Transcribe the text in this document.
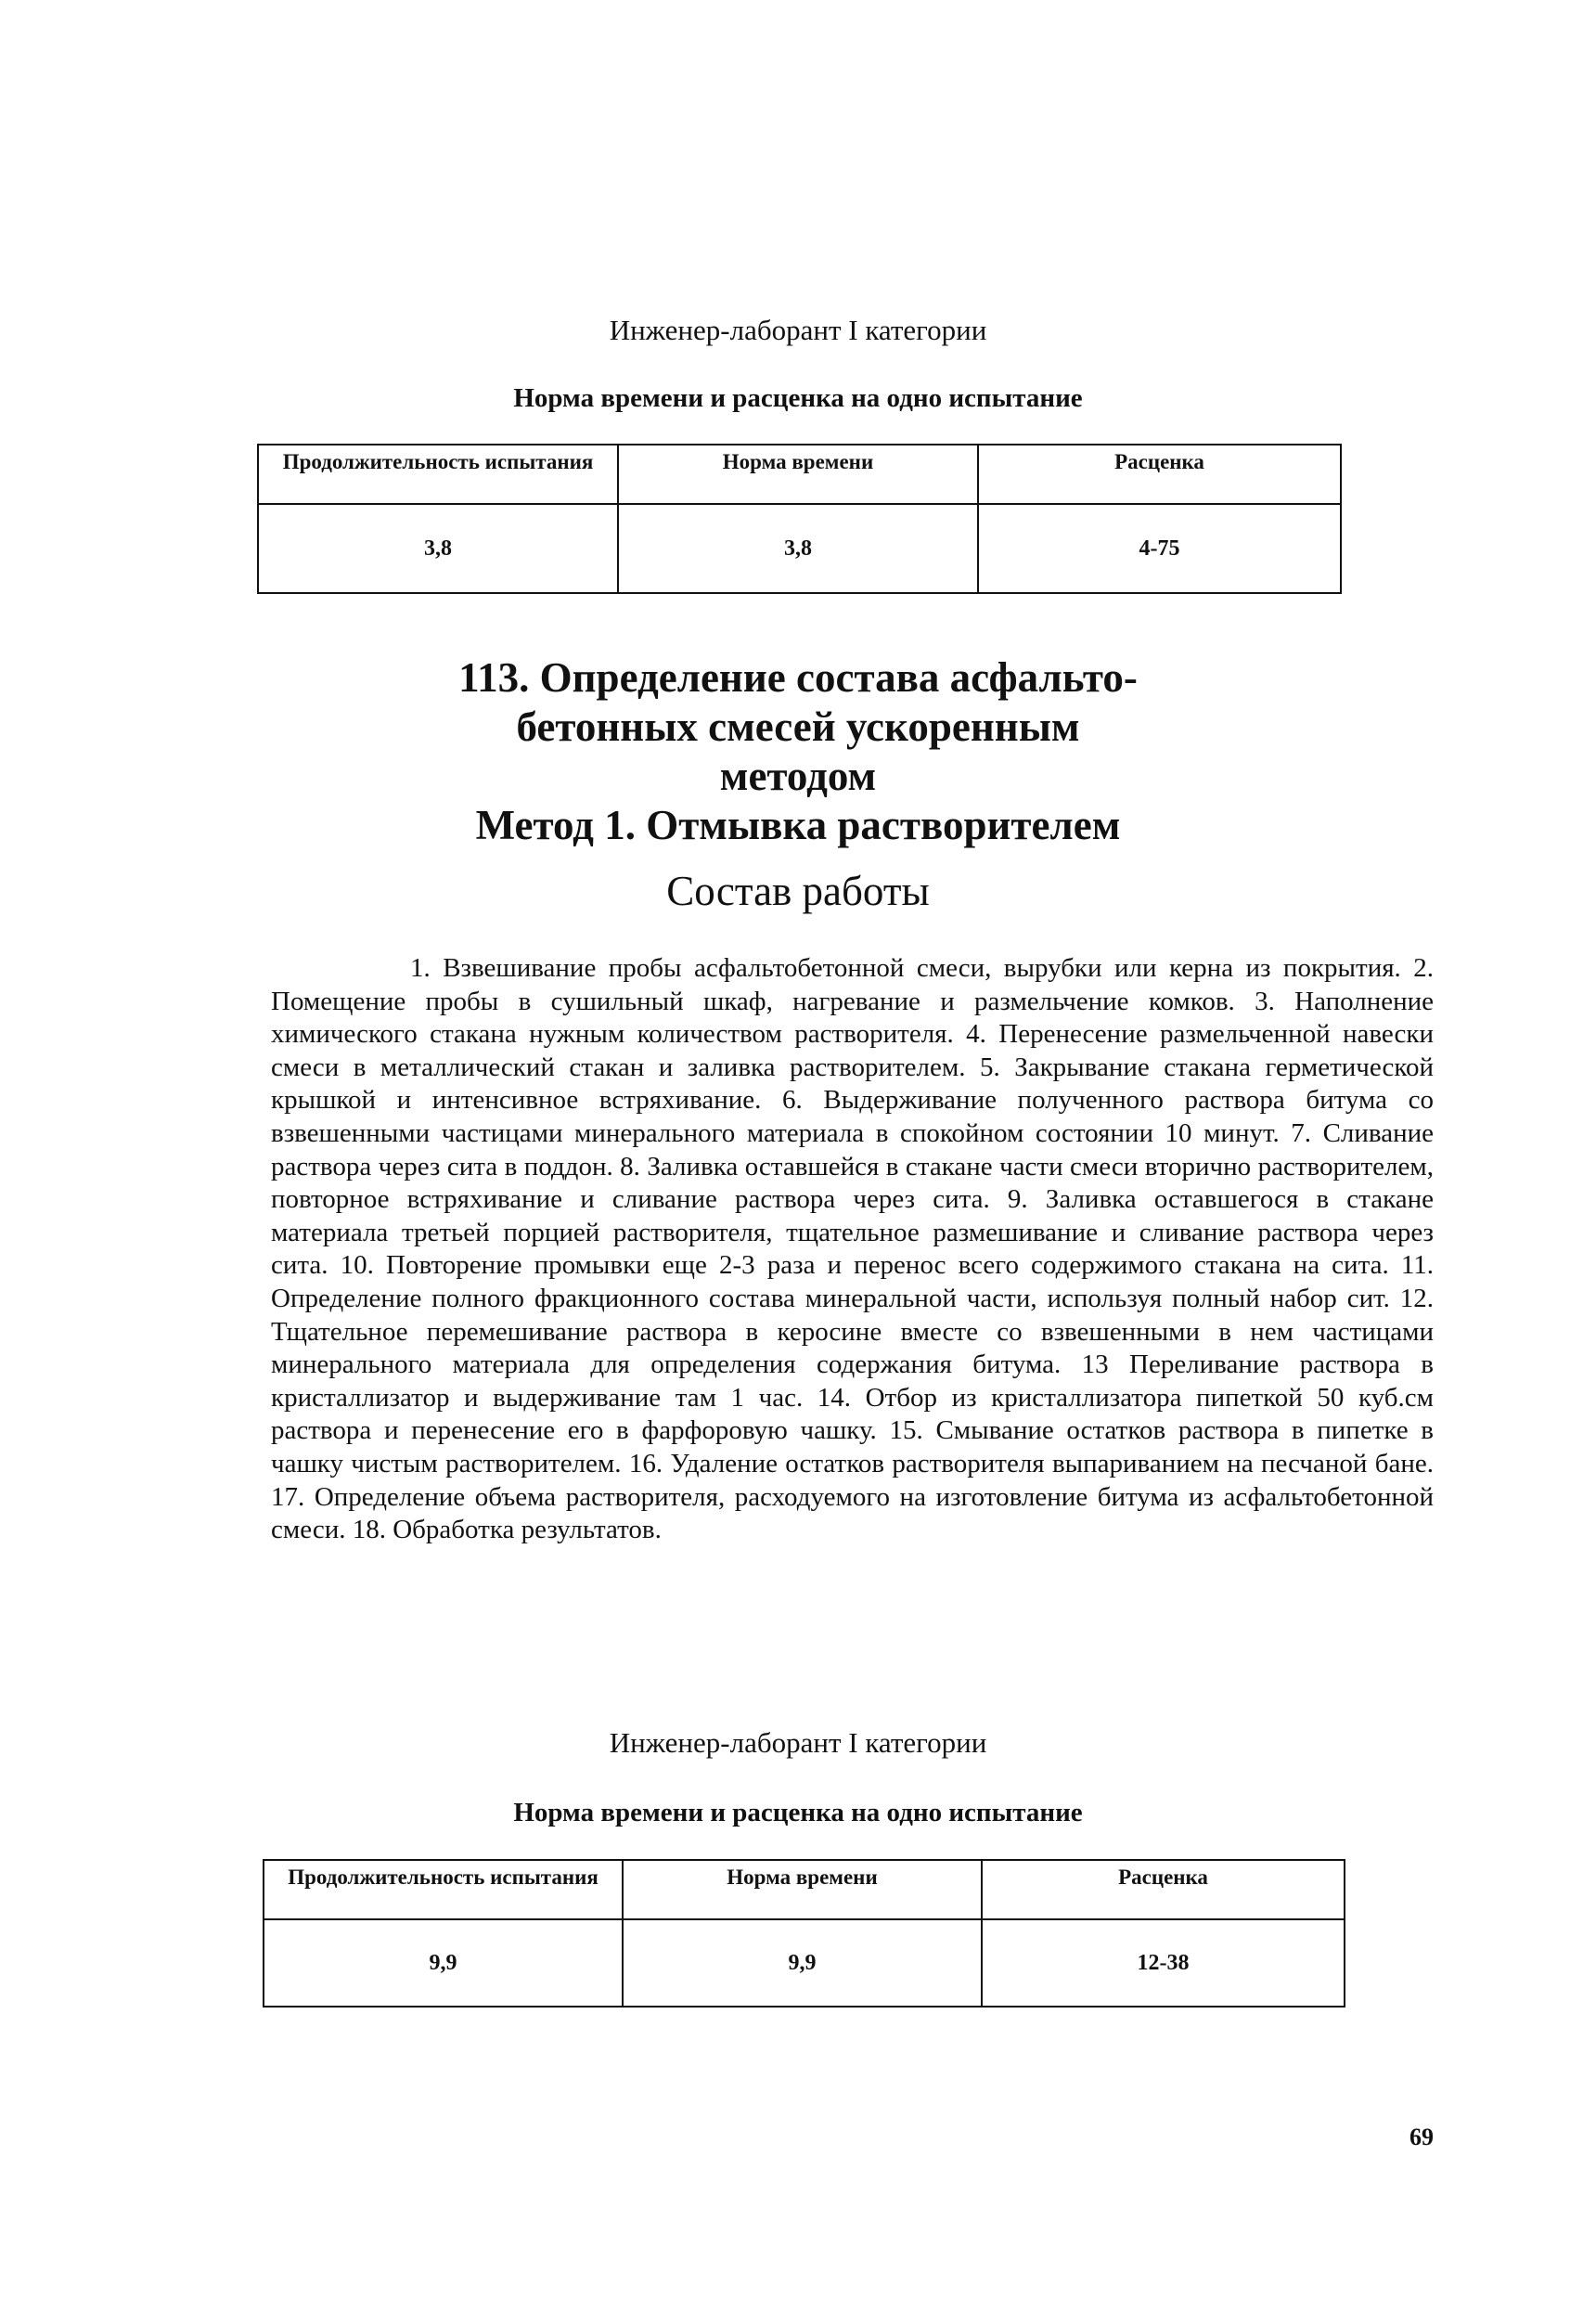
Инженер-лаборант I категории
Норма времени и расценка на одно испытание
Продолжительность испытания	Норма времени	Расценка
3,8	3,8	4-75
113. Определение состава асфальто-
бетонных смесей ускоренным
методом
Метод 1. Отмывка растворителем
Состав работы

1. Взвешивание пробы асфальтобетонной смеси, вырубки или керна из покрытия. 2. Помещение пробы в сушильный шкаф, нагревание и размельчение комков. 3. Наполнение химического стакана нужным количеством растворителя. 4. Перенесение размельченной навески смеси в металлический стакан и заливка растворителем. 5. Закрывание стакана герметической крышкой и интенсивное встряхивание. 6. Выдерживание полученного раствора битума со взвешенными частицами минерального материала в спокойном состоянии 10 минут. 7. Сливание раствора через сита в поддон. 8. Заливка оставшейся в стакане части смеси вторично растворителем, повторное встряхивание и сливание раствора через сита. 9. Заливка оставшегося в стакане материала третьей порцией растворителя, тщательное размешивание и сливание раствора через сита. 10. Повторение промывки еще 2-3 раза и перенос всего содержимого стакана на сита. 11. Определение полного фракционного состава минеральной части, используя полный набор сит. 12. Тщательное перемешивание раствора в керосине вместе со взвешенными в нем частицами минерального материала для определения содержания битума. 13 Переливание раствора в кристаллизатор и выдерживание там 1 час. 14. Отбор из кристаллизатора пипеткой 50 куб.см раствора и перенесение его в фарфоровую чашку. 15. Смывание остатков раствора в пипетке в чашку чистым растворителем. 16. Удаление остатков растворителя выпариванием на песчаной бане. 17. Определение объема растворителя, расходуемого на изготовление битума из асфальтобетонной смеси. 18. Обработка результатов.

Инженер-лаборант I категории
Норма времени и расценка на одно испытание
Продолжительность испытания	Норма времени	Расценка
9,9	9,9	12-38
69
